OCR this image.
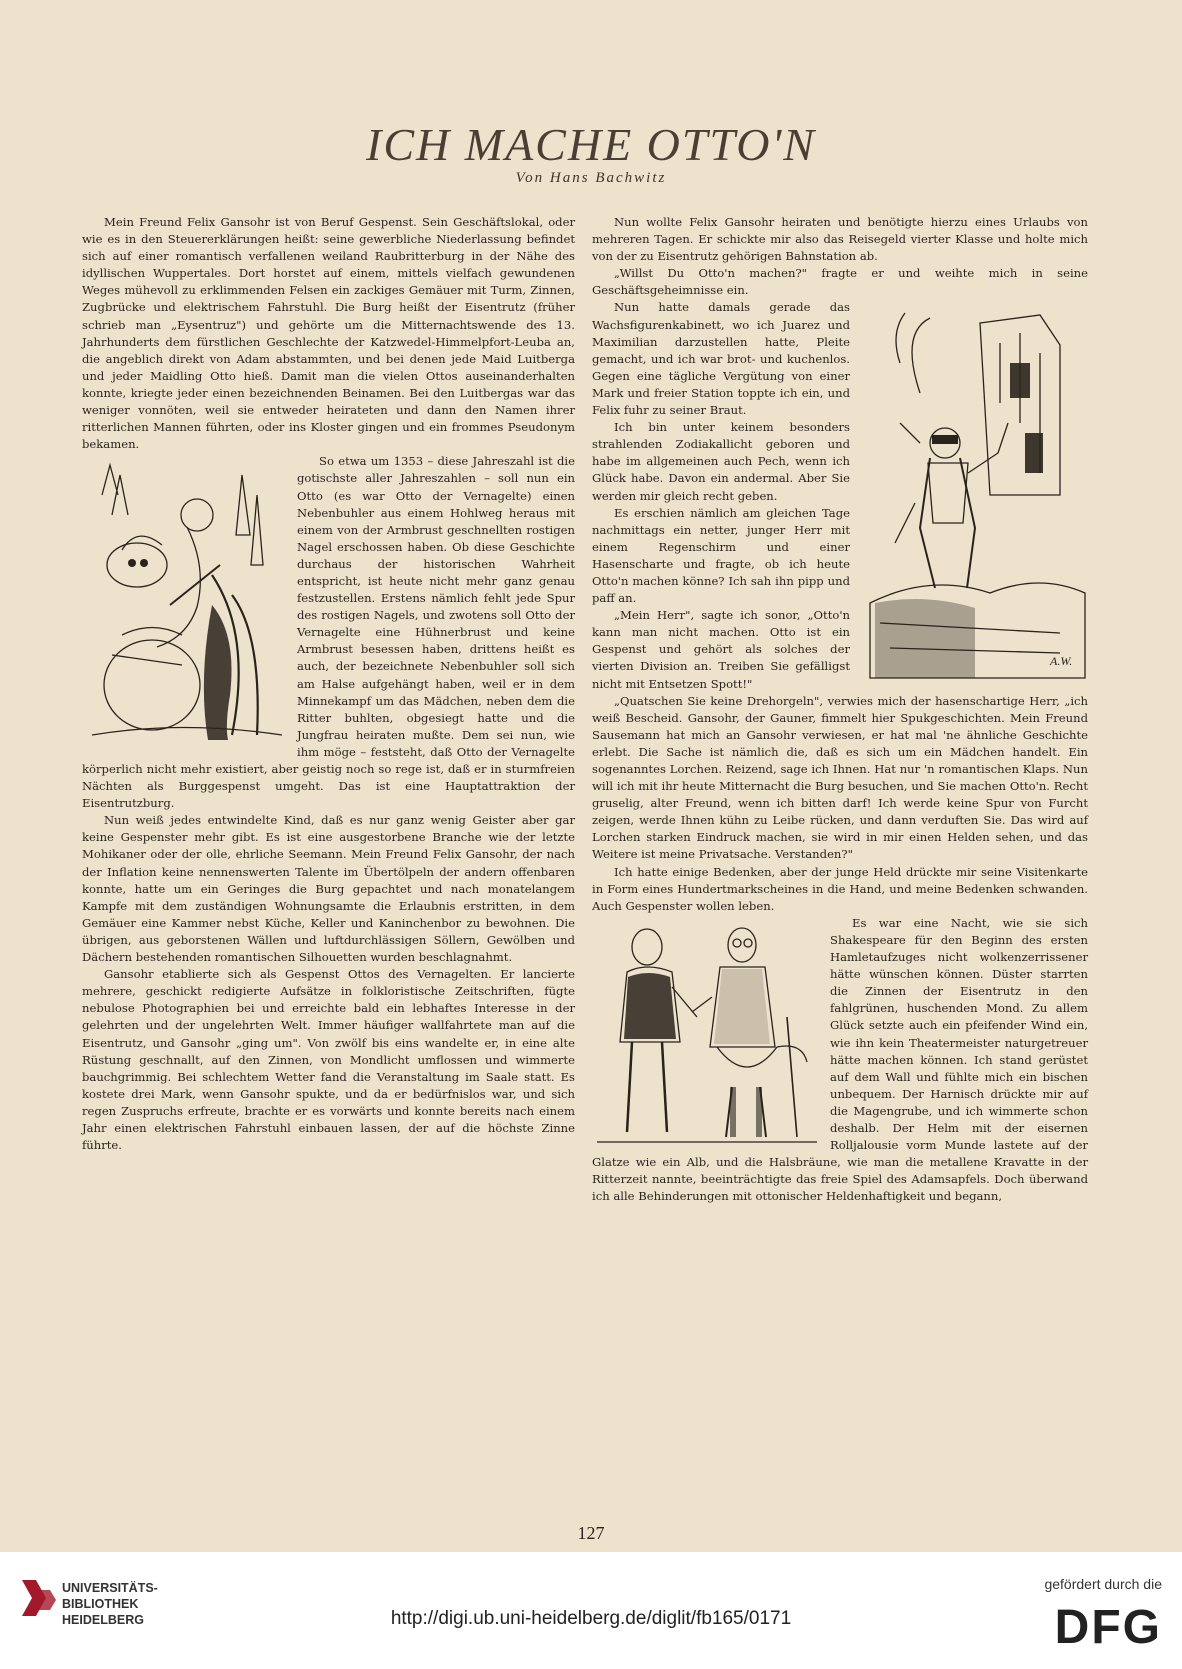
ICH MACHE OTTO'N
Von Hans Bachwitz

Mein Freund Felix Gansohr ist von Beruf Gespenst. Sein Geschäftslokal, oder wie es in den Steuererklärungen heißt: seine gewerbliche Niederlassung befindet sich auf einer romantisch verfallenen weiland Raubritterburg in der Nähe des idyllischen Wuppertales. Dort horstet auf einem, mittels vielfach gewundenen Weges mühevoll zu erklimmenden Felsen ein zackiges Gemäuer mit Turm, Zinnen, Zugbrücke und elektrischem Fahrstuhl. Die Burg heißt der Eisentrutz (früher schrieb man „Eysentruz") und gehörte um die Mitternachtswende des 13. Jahrhunderts dem fürstlichen Geschlechte der Katzwedel-Himmelpfort-Leuba an, die angeblich direkt von Adam abstammten, und bei denen jede Maid Luitberga und jeder Maidling Otto hieß. Damit man die vielen Ottos auseinanderhalten konnte, kriegte jeder einen bezeichnenden Beinamen. Bei den Luitbergas war das weniger vonnöten, weil sie entweder heirateten und dann den Namen ihrer ritterlichen Mannen führten, oder ins Kloster gingen und ein frommes Pseudonym bekamen.

So etwa um 1353 – diese Jahreszahl ist die gotischste aller Jahreszahlen – soll nun ein Otto (es war Otto der Vernagelte) einen Nebenbuhler aus einem Hohlweg heraus mit einem von der Armbrust geschnellten rostigen Nagel erschossen haben. Ob diese Geschichte durchaus der historischen Wahrheit entspricht, ist heute nicht mehr ganz genau festzustellen. Erstens nämlich fehlt jede Spur des rostigen Nagels, und zwotens soll Otto der Vernagelte eine Hühnerbrust und keine Armbrust besessen haben, drittens heißt es auch, der bezeichnete Nebenbuhler soll sich am Halse aufgehängt haben, weil er in dem Minnekampf um das Mädchen, neben dem die Ritter buhlten, obgesiegt hatte und die Jungfrau heiraten mußte. Dem sei nun, wie ihm möge – feststeht, daß Otto der Vernagelte körperlich nicht mehr existiert, aber geistig noch so rege ist, daß er in sturmfreien Nächten als Burggespenst umgeht. Das ist eine Hauptattraktion der Eisentrutzburg.

Nun weiß jedes entwindelte Kind, daß es nur ganz wenig Geister aber gar keine Gespenster mehr gibt. Es ist eine ausgestorbene Branche wie der letzte Mohikaner oder der olle, ehrliche Seemann. Mein Freund Felix Gansohr, der nach der Inflation keine nennenswerten Talente im Übertölpeln der andern offenbaren konnte, hatte um ein Geringes die Burg gepachtet und nach monatelangem Kampfe mit dem zuständigen Wohnungsamte die Erlaubnis erstritten, in dem Gemäuer eine Kammer nebst Küche, Keller und Kaninchenbor zu bewohnen. Die übrigen, aus geborstenen Wällen und luftdurchlässigen Söllern, Gewölben und Dächern bestehenden romantischen Silhouetten wurden beschlagnahmt.

Gansohr etablierte sich als Gespenst Ottos des Vernagelten. Er lancierte mehrere, geschickt redigierte Aufsätze in folkloristische Zeitschriften, fügte nebulose Photographien bei und erreichte bald ein lebhaftes Interesse in der gelehrten und der ungelehrten Welt. Immer häufiger wallfahrtete man auf die Eisentrutz, und Gansohr „ging um". Von zwölf bis eins wandelte er, in eine alte Rüstung geschnallt, auf den Zinnen, von Mondlicht umflossen und wimmerte bauchgrimmig. Bei schlechtem Wetter fand die Veranstaltung im Saale statt. Es kostete drei Mark, wenn Gansohr spukte, und da er bedürfnislos war, und sich regen Zuspruchs erfreute, brachte er es vorwärts und konnte bereits nach einem Jahr einen elektrischen Fahrstuhl einbauen lassen, der auf die höchste Zinne führte.

Nun wollte Felix Gansohr heiraten und benötigte hierzu eines Urlaubs von mehreren Tagen. Er schickte mir also das Reisegeld vierter Klasse und holte mich von der zu Eisentrutz gehörigen Bahnstation ab.

„Willst Du Otto'n machen?" fragte er und weihte mich in seine Geschäftsgeheimnisse ein.

A.W.
Nun hatte damals gerade das Wachsfigurenkabinett, wo ich Juarez und Maximilian darzustellen hatte, Pleite gemacht, und ich war brot- und kuchenlos. Gegen eine tägliche Vergütung von einer Mark und freier Station toppte ich ein, und Felix fuhr zu seiner Braut.

Ich bin unter keinem besonders strahlenden Zodiakallicht geboren und habe im allgemeinen auch Pech, wenn ich Glück habe. Davon ein andermal. Aber Sie werden mir gleich recht geben.

Es erschien nämlich am gleichen Tage nachmittags ein netter, junger Herr mit einem Regenschirm und einer Hasenscharte und fragte, ob ich heute Otto'n machen könne? Ich sah ihn pipp und paff an.

„Mein Herr", sagte ich sonor, „Otto'n kann man nicht machen. Otto ist ein Gespenst und gehört als solches der vierten Division an. Treiben Sie gefälligst nicht mit Entsetzen Spott!"

„Quatschen Sie keine Drehorgeln", verwies mich der hasenschartige Herr, „ich weiß Bescheid. Gansohr, der Gauner, fimmelt hier Spukgeschichten. Mein Freund Sausemann hat mich an Gansohr verwiesen, er hat mal 'ne ähnliche Geschichte erlebt. Die Sache ist nämlich die, daß es sich um ein Mädchen handelt. Ein sogenanntes Lorchen. Reizend, sage ich Ihnen. Hat nur 'n romantischen Klaps. Nun will ich mit ihr heute Mitternacht die Burg besuchen, und Sie machen Otto'n. Recht gruselig, alter Freund, wenn ich bitten darf! Ich werde keine Spur von Furcht zeigen, werde Ihnen kühn zu Leibe rücken, und dann verduften Sie. Das wird auf Lorchen starken Eindruck machen, sie wird in mir einen Helden sehen, und das Weitere ist meine Privatsache. Verstanden?"

Ich hatte einige Bedenken, aber der junge Held drückte mir seine Visitenkarte in Form eines Hundertmarkscheines in die Hand, und meine Bedenken schwanden. Auch Gespenster wollen leben.

Es war eine Nacht, wie sie sich Shakespeare für den Beginn des ersten Hamletaufzuges nicht wolkenzerrissener hätte wünschen können. Düster starrten die Zinnen der Eisentrutz in den fahlgrünen, huschenden Mond. Zu allem Glück setzte auch ein pfeifender Wind ein, wie ihn kein Theatermeister naturgetreuer hätte machen können. Ich stand gerüstet auf dem Wall und fühlte mich ein bischen unbequem. Der Harnisch drückte mir auf die Magengrube, und ich wimmerte schon deshalb. Der Helm mit der eisernen Rolljalousie vorm Munde lastete auf der Glatze wie ein Alb, und die Halsbräune, wie man die metallene Kravatte in der Ritterzeit nannte, beeinträchtigte das freie Spiel des Adamsapfels. Doch überwand ich alle Behinderungen mit ottonischer Heldenhaftigkeit und begann,

127
UNIVERSITÄTS-
BIBLIOTHEK
HEIDELBERG	http://digi.ub.uni-heidelberg.de/diglit/fb165/0171
gefördert durch die
DFG
